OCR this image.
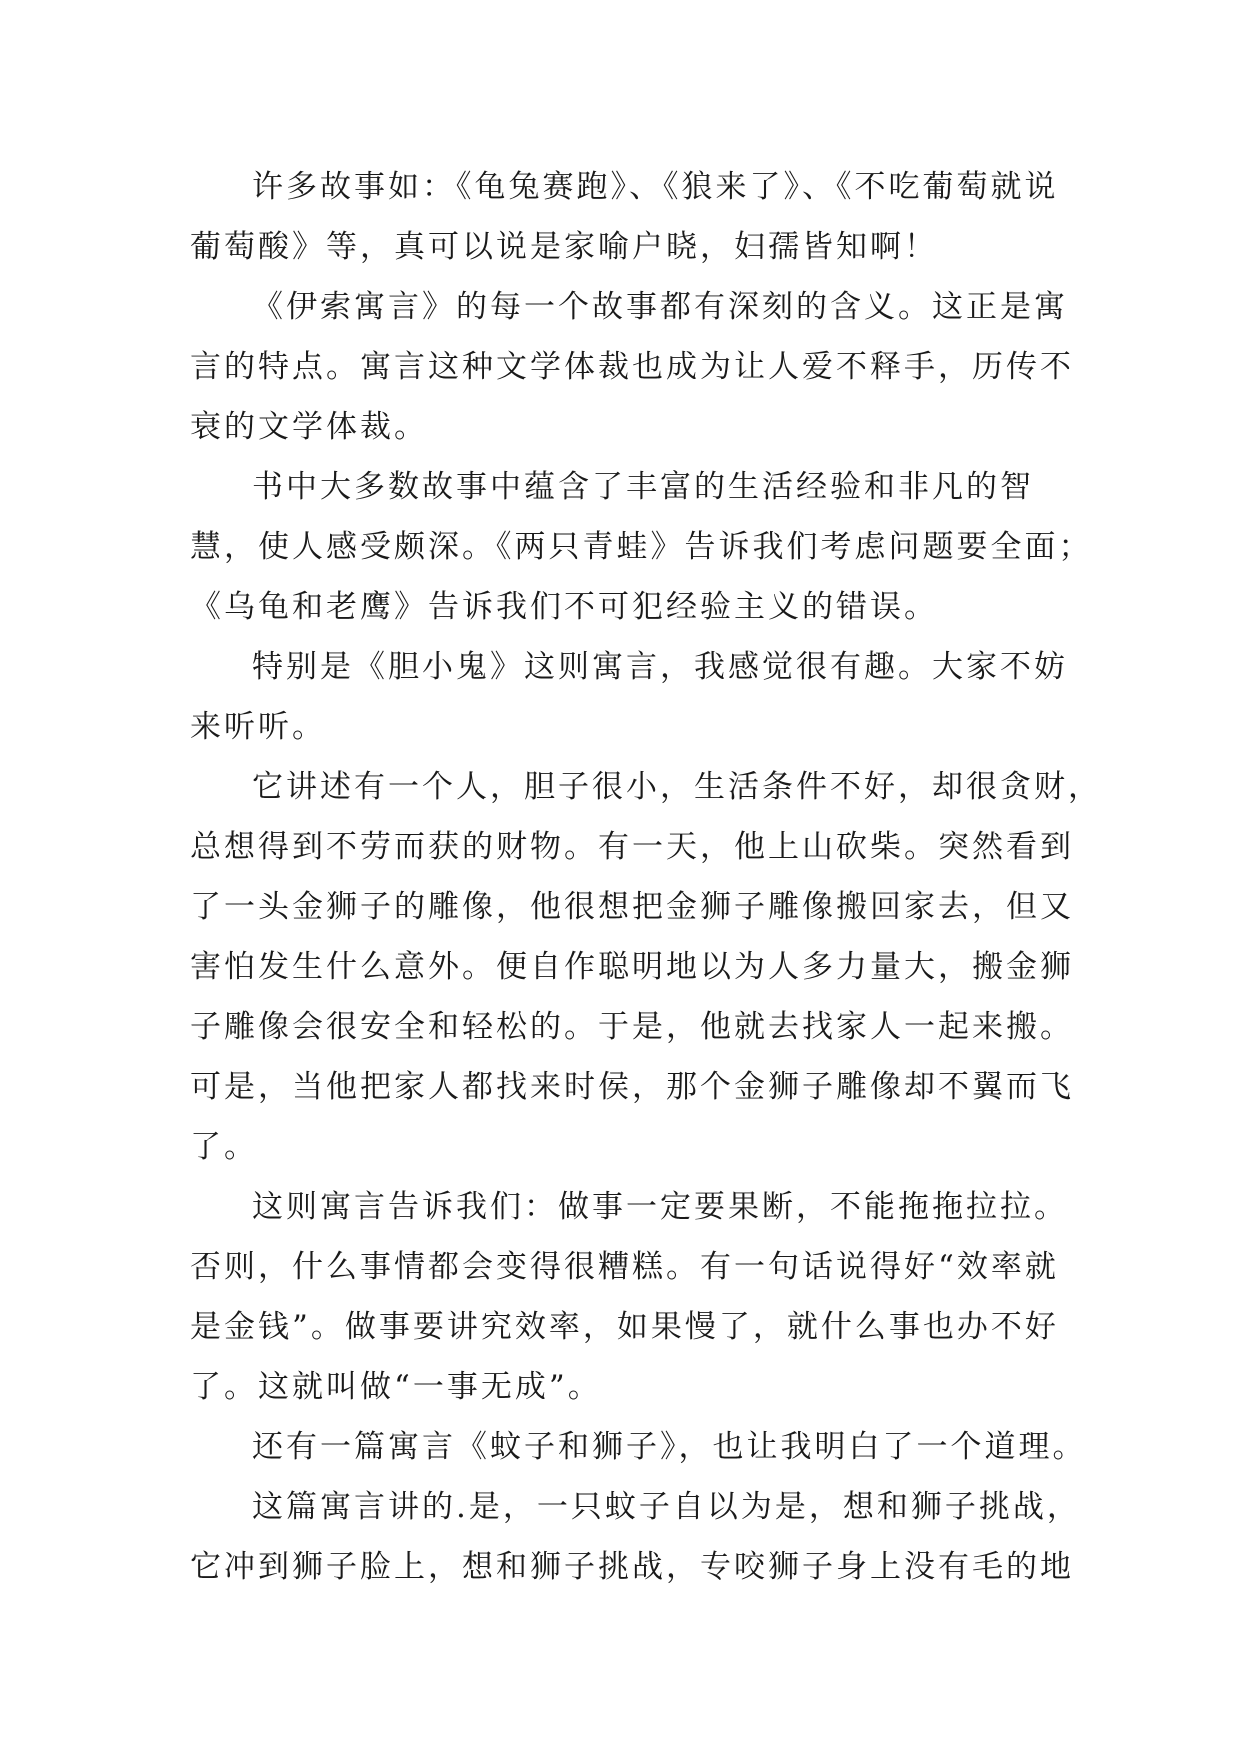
许多故事如：《龟兔赛跑》、《狼来了》、《不吃葡萄就说
葡萄酸》等，真可以说是家喻户晓，妇孺皆知啊！
《伊索寓言》的每一个故事都有深刻的含义。这正是寓
言的特点。寓言这种文学体裁也成为让人爱不释手，历传不
衰的文学体裁。
书中大多数故事中蕴含了丰富的生活经验和非凡的智
慧，使人感受颇深。《两只青蛙》告诉我们考虑问题要全面；
《乌龟和老鹰》告诉我们不可犯经验主义的错误。
特别是《胆小鬼》这则寓言，我感觉很有趣。大家不妨
来听听。
它讲述有一个人，胆子很小，生活条件不好，却很贪财，
总想得到不劳而获的财物。有一天，他上山砍柴。突然看到
了一头金狮子的雕像，他很想把金狮子雕像搬回家去，但又
害怕发生什么意外。便自作聪明地以为人多力量大，搬金狮
子雕像会很安全和轻松的。于是，他就去找家人一起来搬。
可是，当他把家人都找来时侯，那个金狮子雕像却不翼而飞
了。
这则寓言告诉我们：做事一定要果断，不能拖拖拉拉。
否则，什么事情都会变得很糟糕。有一句话说得好“效率就
是金钱”。做事要讲究效率，如果慢了，就什么事也办不好
了。这就叫做“一事无成”。
还有一篇寓言《蚊子和狮子》，也让我明白了一个道理。
这篇寓言讲的.是，一只蚊子自以为是，想和狮子挑战，
它冲到狮子脸上，想和狮子挑战，专咬狮子身上没有毛的地
